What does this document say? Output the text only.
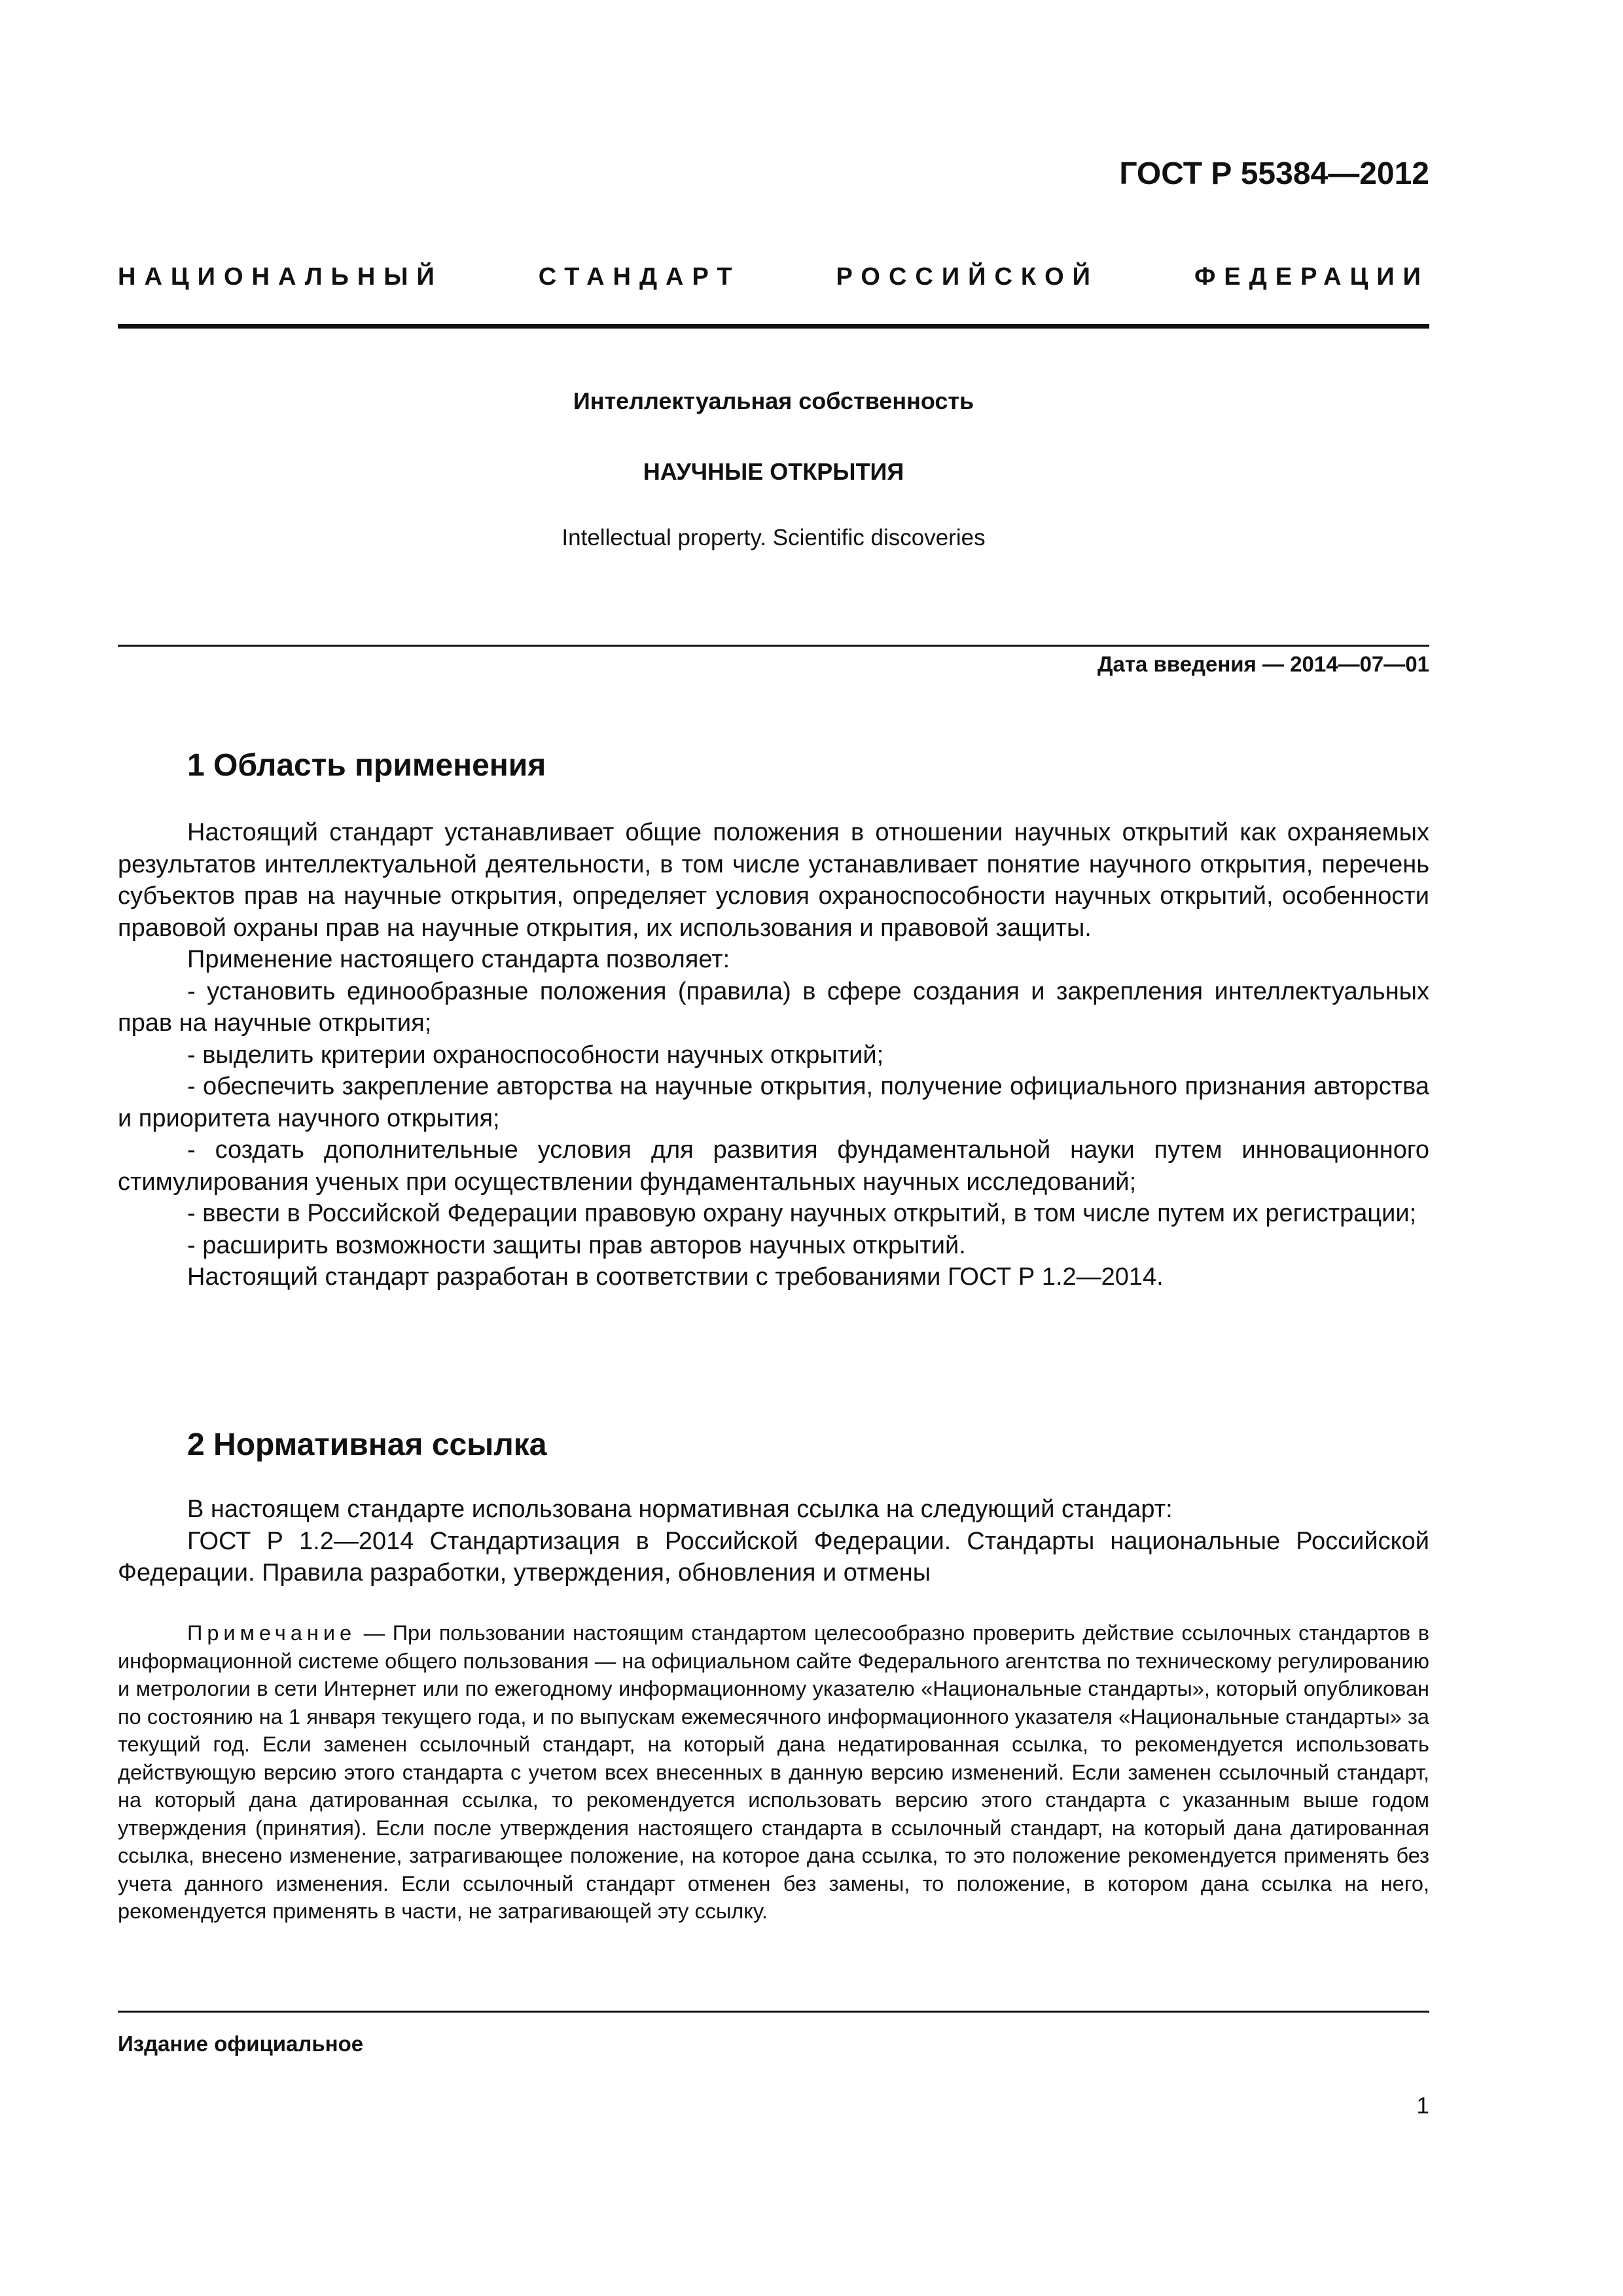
ГОСТ Р 55384—2012
НАЦИОНАЛЬНЫЙ	СТАНДАРТ	РОССИЙСКОЙ	ФЕДЕРАЦИИ
Интеллектуальная собственность
НАУЧНЫЕ ОТКРЫТИЯ
Intellectual property. Scientific discoveries
Дата введения — 2014—07—01
1 Область применения

Настоящий стандарт устанавливает общие положения в отношении научных открытий как охраняемых результатов интеллектуальной деятельности, в том числе устанавливает понятие научного открытия, перечень субъектов прав на научные открытия, определяет условия охраноспособности научных открытий, особенности правовой охраны прав на научные открытия, их использования и правовой защиты.

Применение настоящего стандарта позволяет:

- установить единообразные положения (правила) в сфере создания и закрепления интеллектуальных прав на научные открытия;

- выделить критерии охраноспособности научных открытий;

- обеспечить закрепление авторства на научные открытия, получение официального признания авторства и приоритета научного открытия;

- создать дополнительные условия для развития фундаментальной науки путем инновационного стимулирования ученых при осуществлении фундаментальных научных исследований;

- ввести в Российской Федерации правовую охрану научных открытий, в том числе путем их регистрации;

- расширить возможности защиты прав авторов научных открытий.

Настоящий стандарт разработан в соответствии с требованиями ГОСТ Р 1.2—2014.

2 Нормативная ссылка

В настоящем стандарте использована нормативная ссылка на следующий стандарт:

ГОСТ Р 1.2—2014 Стандартизация в Российской Федерации. Стандарты национальные Российской Федерации. Правила разработки, утверждения, обновления и отмены

Примечание — При пользовании настоящим стандартом целесообразно проверить действие ссылочных стандартов в информационной системе общего пользования — на официальном сайте Федерального агентства по техническому регулированию и метрологии в сети Интернет или по ежегодному информационному указателю «Национальные стандарты», который опубликован по состоянию на 1 января текущего года, и по выпускам ежемесячного информационного указателя «Национальные стандарты» за текущий год. Если заменен ссылочный стандарт, на который дана недатированная ссылка, то рекомендуется использовать действующую версию этого стандарта с учетом всех внесенных в данную версию изменений. Если заменен ссылочный стандарт, на который дана датированная ссылка, то рекомендуется использовать версию этого стандарта с указанным выше годом утверждения (принятия). Если после утверждения настоящего стандарта в ссылочный стандарт, на который дана датированная ссылка, внесено изменение, затрагивающее положение, на которое дана ссылка, то это положение рекомендуется применять без учета данного изменения. Если ссылочный стандарт отменен без замены, то положение, в котором дана ссылка на него, рекомендуется применять в части, не затрагивающей эту ссылку.

Издание официальное
1
